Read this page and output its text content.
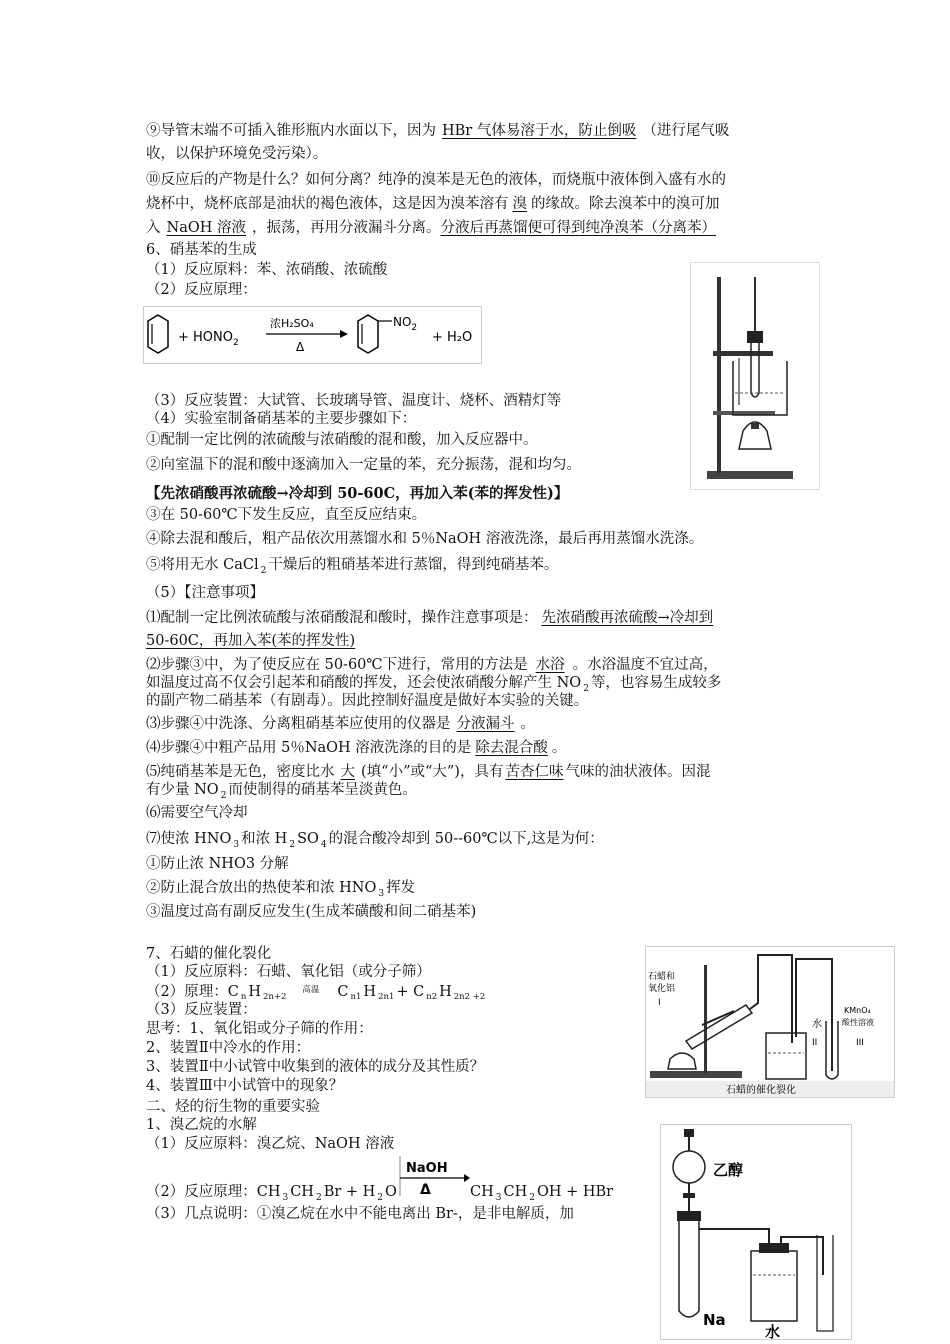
⑨导管末端不可插入锥形瓶内水面以下，因为 HBr 气体易溶于水，防止倒吸 （进行尾气吸
收，以保护环境免受污染）。
⑩反应后的产物是什么？如何分离？纯净的溴苯是无色的液体，而烧瓶中液体倒入盛有水的
烧杯中，烧杯底部是油状的褐色液体，这是因为溴苯溶有 溴 的缘故。除去溴苯中的溴可加
入 NaOH 溶液 ，振荡，再用分液漏斗分离。分液后再蒸馏便可得到纯净溴苯（分离苯）
6、硝基苯的生成
（1）反应原料：苯、浓硝酸、浓硫酸
（2）反应原理：
+ $HONO_2$
浓H₂SO₄
Δ
$NO_2$
+ H₂O
（3）反应装置：大试管、长玻璃导管、温度计、烧杯、酒精灯等
（4）实验室制备硝基苯的主要步骤如下：
①配制一定比例的浓硫酸与浓硝酸的混和酸，加入反应器中。
②向室温下的混和酸中逐滴加入一定量的苯，充分振荡，混和均匀。
【先浓硝酸再浓硫酸→冷却到 50-60C，再加入苯(苯的挥发性)】
③在 50-60℃下发生反应，直至反应结束。
④除去混和酸后，粗产品依次用蒸馏水和 5％NaOH 溶液洗涤，最后再用蒸馏水洗涤。
⑤将用无水 CaCl $_2$ 干燥后的粗硝基苯进行蒸馏，得到纯硝基苯。
（5）【注意事项】
⑴配制一定比例浓硫酸与浓硝酸混和酸时，操作注意事项是： 先浓硝酸再浓硫酸→冷却到
50-60C，再加入苯(苯的挥发性)
⑵步骤③中，为了使反应在 50-60℃下进行，常用的方法是 水浴 。水浴温度不宜过高，
如温度过高不仅会引起苯和硝酸的挥发，还会使浓硝酸分解产生 NO $_2$ 等，也容易生成较多
的副产物二硝基苯（有剧毒）。因此控制好温度是做好本实验的关键。
⑶步骤④中洗涤、分离粗硝基苯应使用的仪器是 分液漏斗 。
⑷步骤④中粗产品用 5％NaOH 溶液洗涤的目的是 除去混合酸 。
⑸纯硝基苯是无色，密度比水 大 (填“小”或“大”)，具有 苦杏仁味 气味的油状液体。因混
有少量 NO $_2$ 而使制得的硝基苯呈淡黄色。
⑹需要空气冷却
⑺使浓 HNO $_3$ 和浓 H $_2$ SO $_4$ 的混合酸冷却到 50--60℃以下,这是为何：
①防止浓 NHO3 分解
②防止混合放出的热使苯和浓 HNO $_3$ 挥发
③温度过高有副反应发生(生成苯磺酸和间二硝基苯)
7、石蜡的催化裂化
（1）反应原料：石蜡、氧化铝（或分子筛）
（2）原理：C $_n$ H $_{2n+2}^{高温}$ C $_{n1}$ H $_{2n1}$ + C $_{n2}$ H $_{2n2 +2}$
（3）反应装置：
思考：1、氧化铝或分子筛的作用：
2、装置Ⅱ中冷水的作用：
3、装置Ⅱ中小试管中收集到的液体的成分及其性质？
4、装置Ⅲ中小试管中的现象？
石蜡和
氧化铝
I
水
II
KMnO₄
酸性溶液
III
石蜡的催化裂化
二、烃的衍生物的重要实验
1、溴乙烷的水解
（1）反应原料：溴乙烷、NaOH 溶液
（2）反应原理：CH $_3$ CH $_2$ Br + H $_2$ O
NaOH
Δ	CH $_3$ CH $_2$ OH + HBr
（3）几点说明：①溴乙烷在水中不能电离出 Br-，是非电解质，加
乙醇
Na
水
